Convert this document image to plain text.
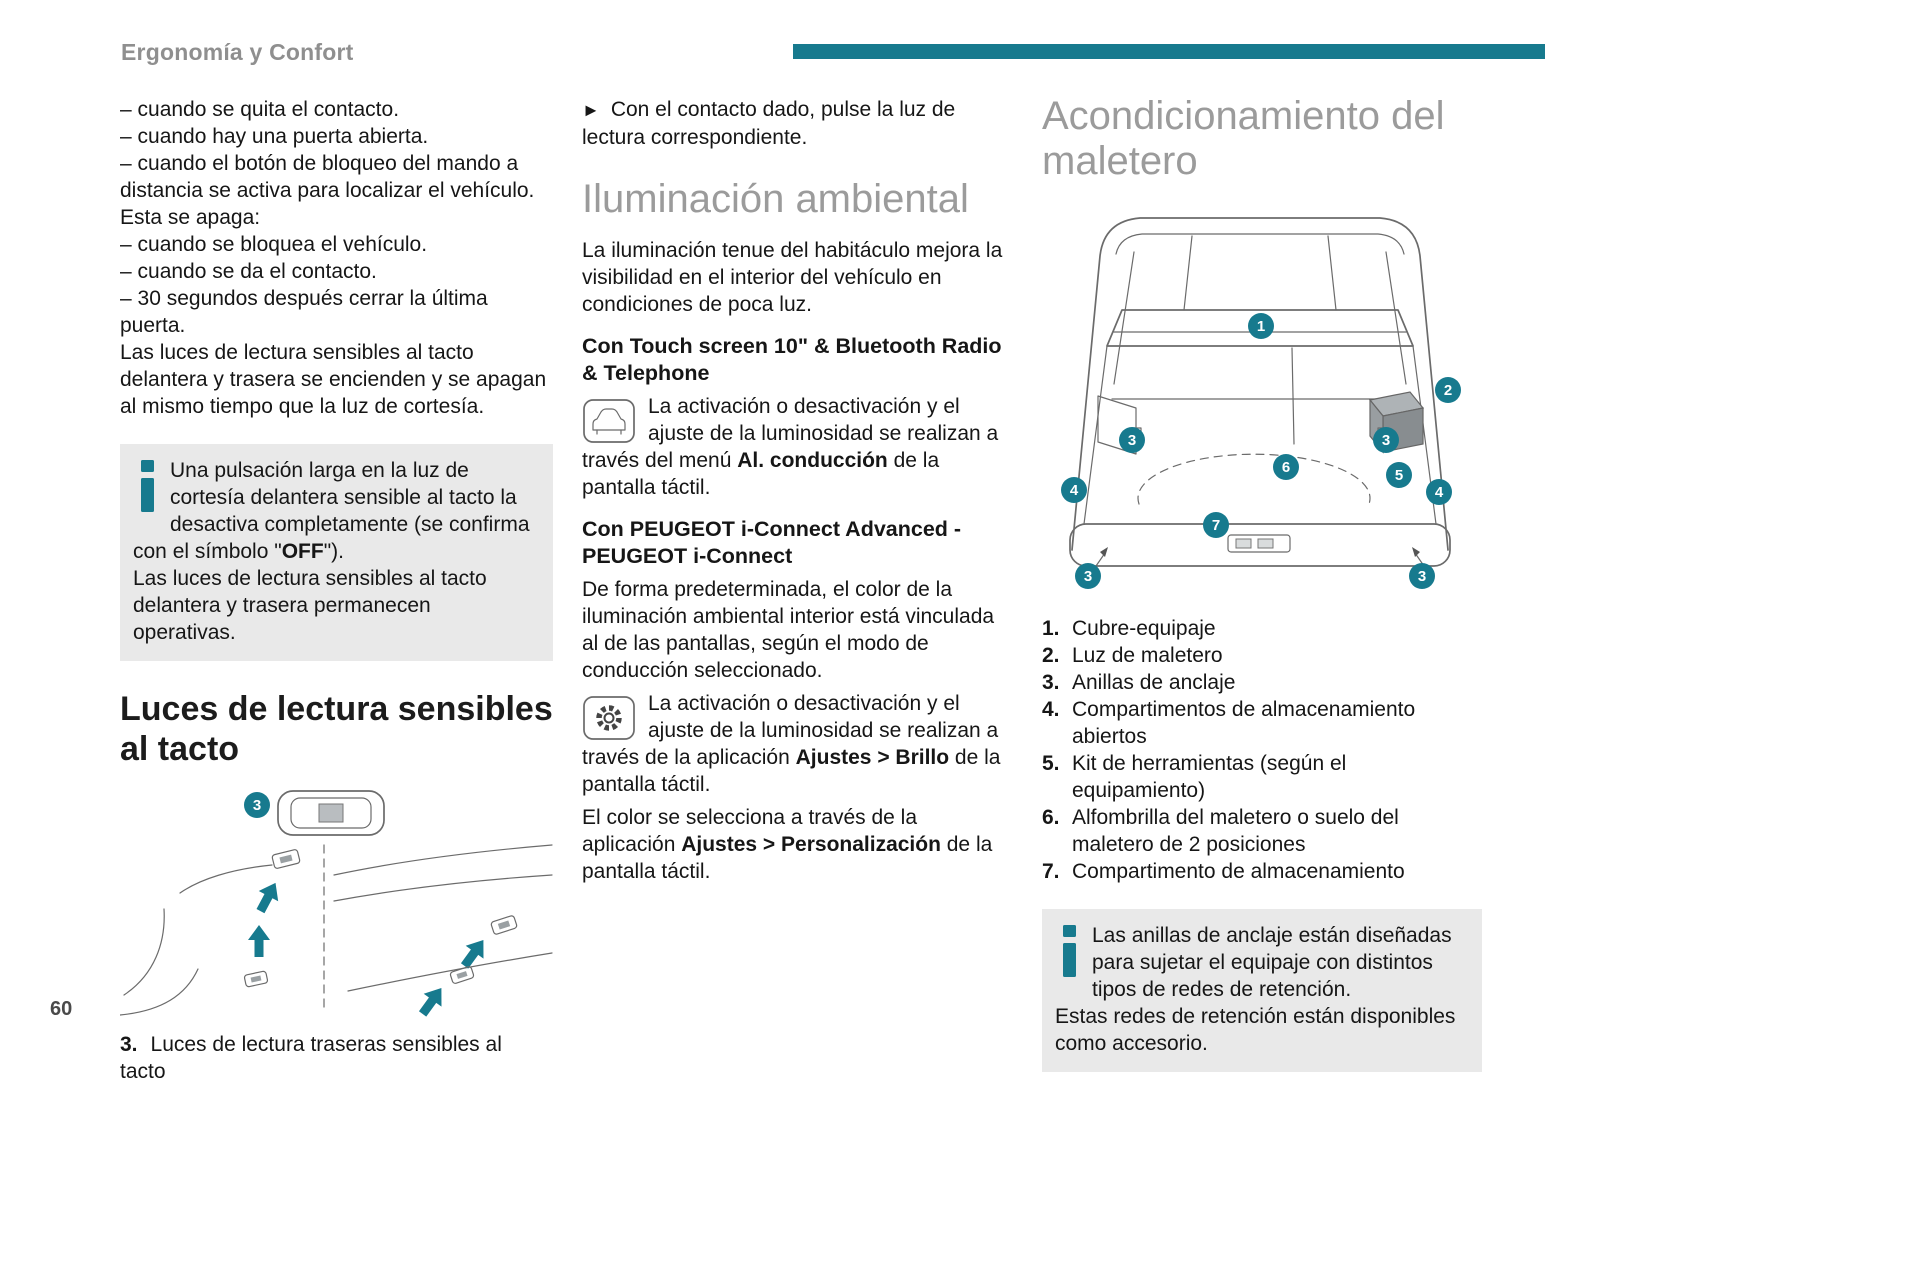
Ergonomía y Confort

– cuando se quita el contacto.

– cuando hay una puerta abierta.

– cuando el botón de bloqueo del mando a distancia se activa para localizar el vehículo.

Esta se apaga:

– cuando se bloquea el vehículo.

– cuando se da el contacto.

– 30 segundos después cerrar la última puerta.

Las luces de lectura sensibles al tacto delantera y trasera se encienden y se apagan al mismo tiempo que la luz de cortesía.

Una pulsación larga en la luz de cortesía delantera sensible al tacto la desactiva completamente (se confirma con el símbolo "OFF").

Las luces de lectura sensibles al tacto delantera y trasera permanecen operativas.

Luces de lectura sensibles al tacto
3

3. Luces de lectura traseras sensibles al tacto

► Con el contacto dado, pulse la luz de lectura correspondiente.

Iluminación ambiental

La iluminación tenue del habitáculo mejora la visibilidad en el interior del vehículo en condiciones de poca luz.

Con Touch screen 10" & Bluetooth Radio & Telephone

La activación o desactivación y el ajuste de la luminosidad se realizan a través del menú Al. conducción de la pantalla táctil.

Con PEUGEOT i-Connect Advanced - PEUGEOT i-Connect

De forma predeterminada, el color de la iluminación ambiental interior está vinculada al de las pantallas, según el modo de conducción seleccionado.

La activación o desactivación y el ajuste de la luminosidad se realizan a través de la aplicación Ajustes > Brillo de la pantalla táctil.

El color se selecciona a través de la aplicación Ajustes > Personalización de la pantalla táctil.

Acondicionamiento del maletero
1
2
3	3
4	4
5
6
7
3	3
1. Cubre-equipaje
2. Luz de maletero
3. Anillas de anclaje
4. Compartimentos de almacenamiento abiertos
5. Kit de herramientas (según el equipamiento)
6. Alfombrilla del maletero o suelo del maletero de 2 posiciones
7. Compartimento de almacenamiento

Las anillas de anclaje están diseñadas para sujetar el equipaje con distintos tipos de redes de retención.

Estas redes de retención están disponibles como accesorio.

60
